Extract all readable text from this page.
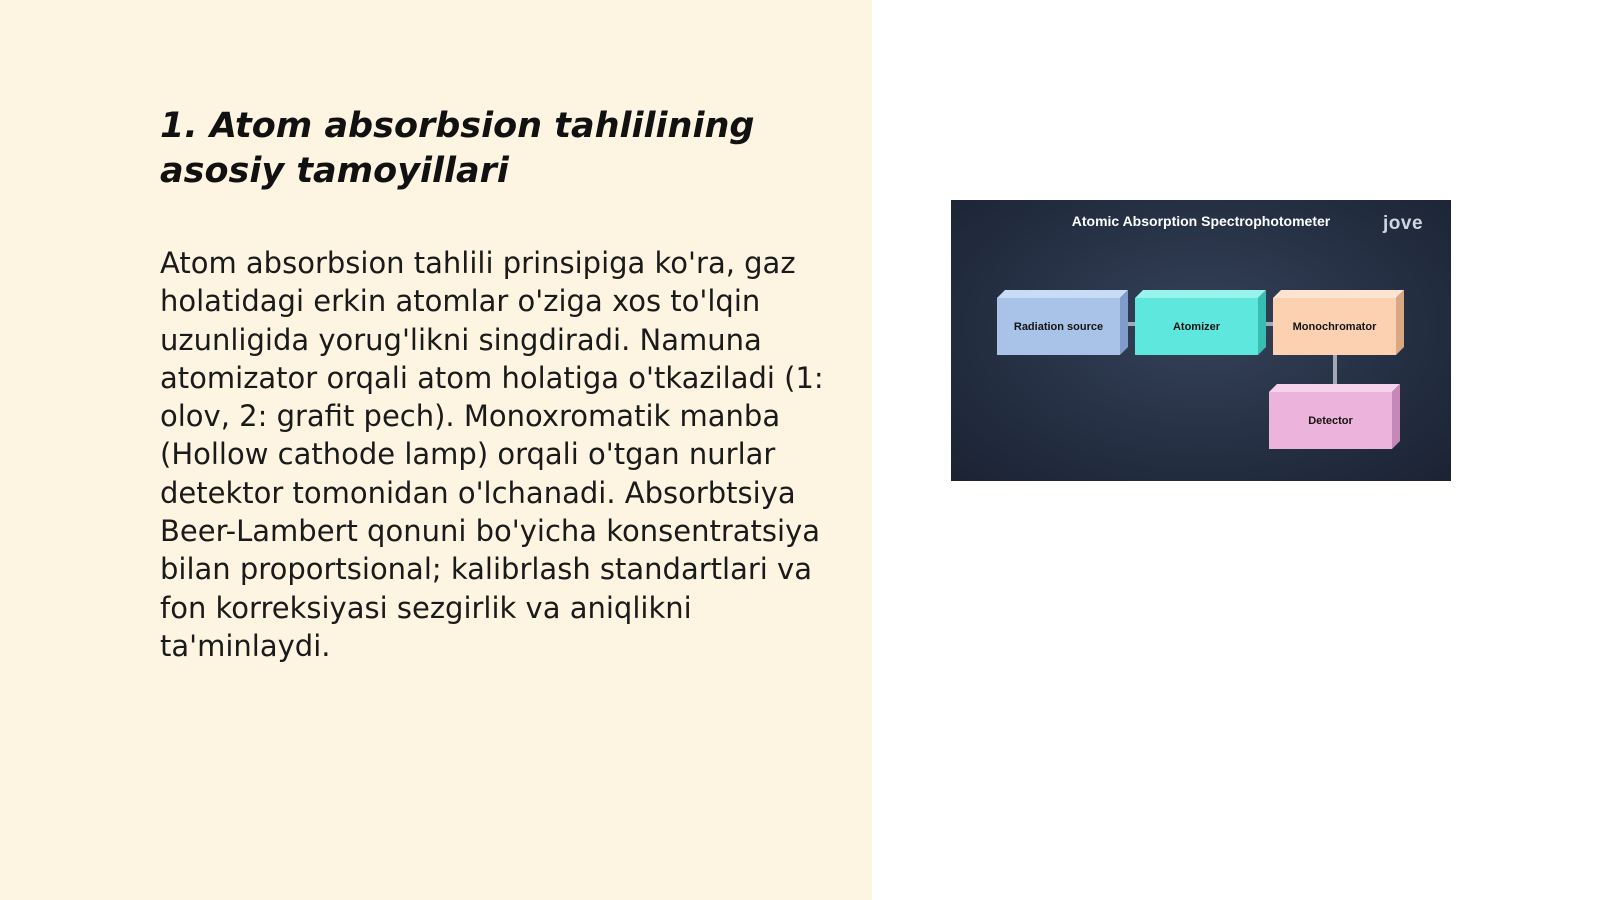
1. Atom absorbsion tahlilining asosiy tamoyillari

Atom absorbsion tahlili prinsipiga ko'ra, gaz holatidagi erkin atomlar o'ziga xos to'lqin uzunligida yorug'likni singdiradi. Namuna atomizator orqali atom holatiga o'tkaziladi (1: olov, 2: grafit pech). Monoxromatik manba (Hollow cathode lamp) orqali o'tgan nurlar detektor tomonidan o'lchanadi. Absorbtsiya Beer-Lambert qonuni bo'yicha konsentratsiya bilan proportsional; kalibrlash standartlari va fon korreksiyasi sezgirlik va aniqlikni ta'minlaydi.

Atomic Absorption Spectrophotometer	jove
Radiation source	Atomizer	Monochromator
Detector
